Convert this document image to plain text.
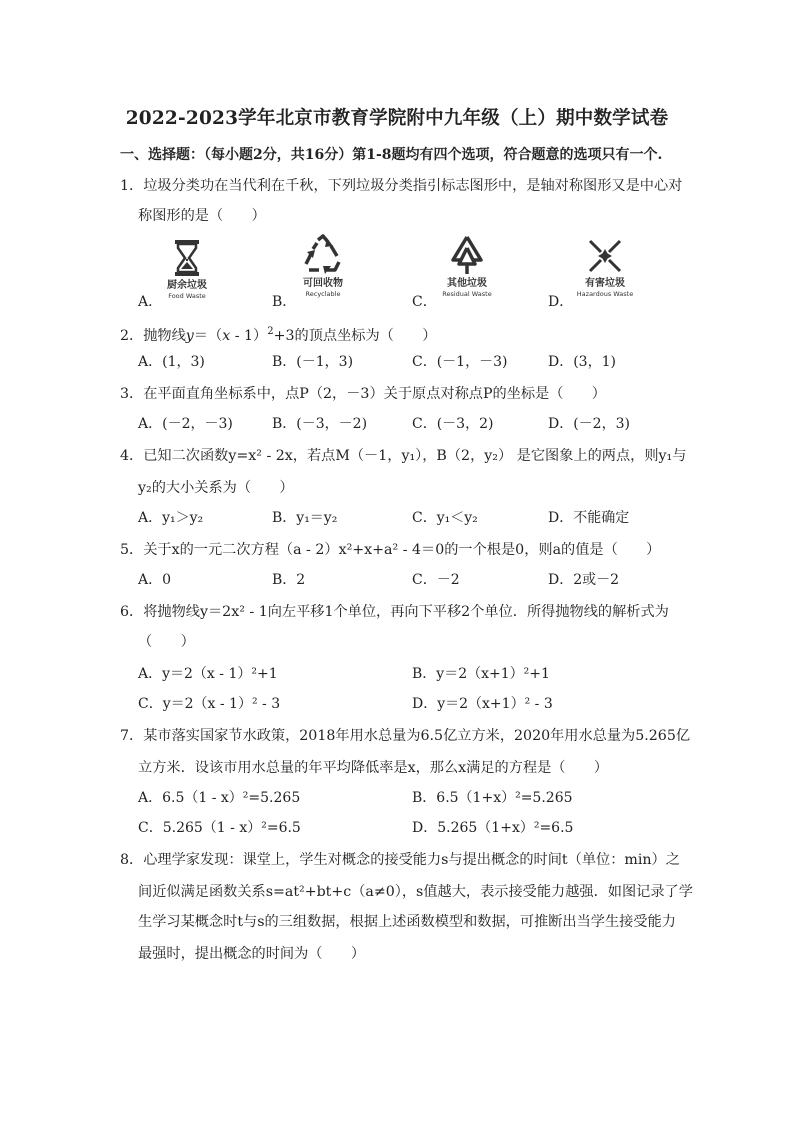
2022-2023学年北京市教育学院附中九年级（上）期中数学试卷
一、选择题：（每小题2分，共16分）第1-8题均有四个选项，符合题意的选项只有一个.
1．垃圾分类功在当代利在千秋，下列垃圾分类指引标志图形中，是轴对称图形又是中心对
称图形的是（　　）
A．	B．	C．	D．
厨余垃圾
Food Waste
可回收物
Recyclable
其他垃圾
Residual Waste
有害垃圾
Hazardous Waste
2．抛物线y＝（x - 1）$^2$+3的顶点坐标为（　　）
A．(1，3)	B．(－1，3)	C．(－1，－3)	D．(3，1)
3．在平面直角坐标系中，点P（2，－3）关于原点对称点P的坐标是（　　）
A．(－2，－3)	B．(－3，－2)	C．(－3，2)	D．(－2，3)
4．已知二次函数y=x² - 2x，若点M（－1，y₁），B（2，y₂） 是它图象上的两点，则y₁与
y₂的大小关系为（　　）
A．y₁＞y₂	B．y₁＝y₂	C．y₁＜y₂	D．不能确定
5．关于x的一元二次方程（a - 2）x²+x+a² - 4＝0的一个根是0，则a的值是（　　）
A．0	B．2	C．－2	D．2或－2
6．将抛物线y＝2x² - 1向左平移1个单位，再向下平移2个单位．所得抛物线的解析式为
（　　）
A．y＝2（x - 1）²+1	B．y＝2（x+1）²+1
C．y＝2（x - 1）² - 3	D．y＝2（x+1）² - 3
7．某市落实国家节水政策，2018年用水总量为6.5亿立方米，2020年用水总量为5.265亿
立方米．设该市用水总量的年平均降低率是x，那么x满足的方程是（　　）
A．6.5（1 - x）²=5.265	B．6.5（1+x）²=5.265
C．5.265（1 - x）²=6.5	D．5.265（1+x）²=6.5
8．心理学家发现：课堂上，学生对概念的接受能力s与提出概念的时间t（单位：min）之
间近似满足函数关系s=at²+bt+c（a≠0），s值越大，表示接受能力越强．如图记录了学
生学习某概念时t与s的三组数据，根据上述函数模型和数据，可推断出当学生接受能力
最强时，提出概念的时间为（　　）
